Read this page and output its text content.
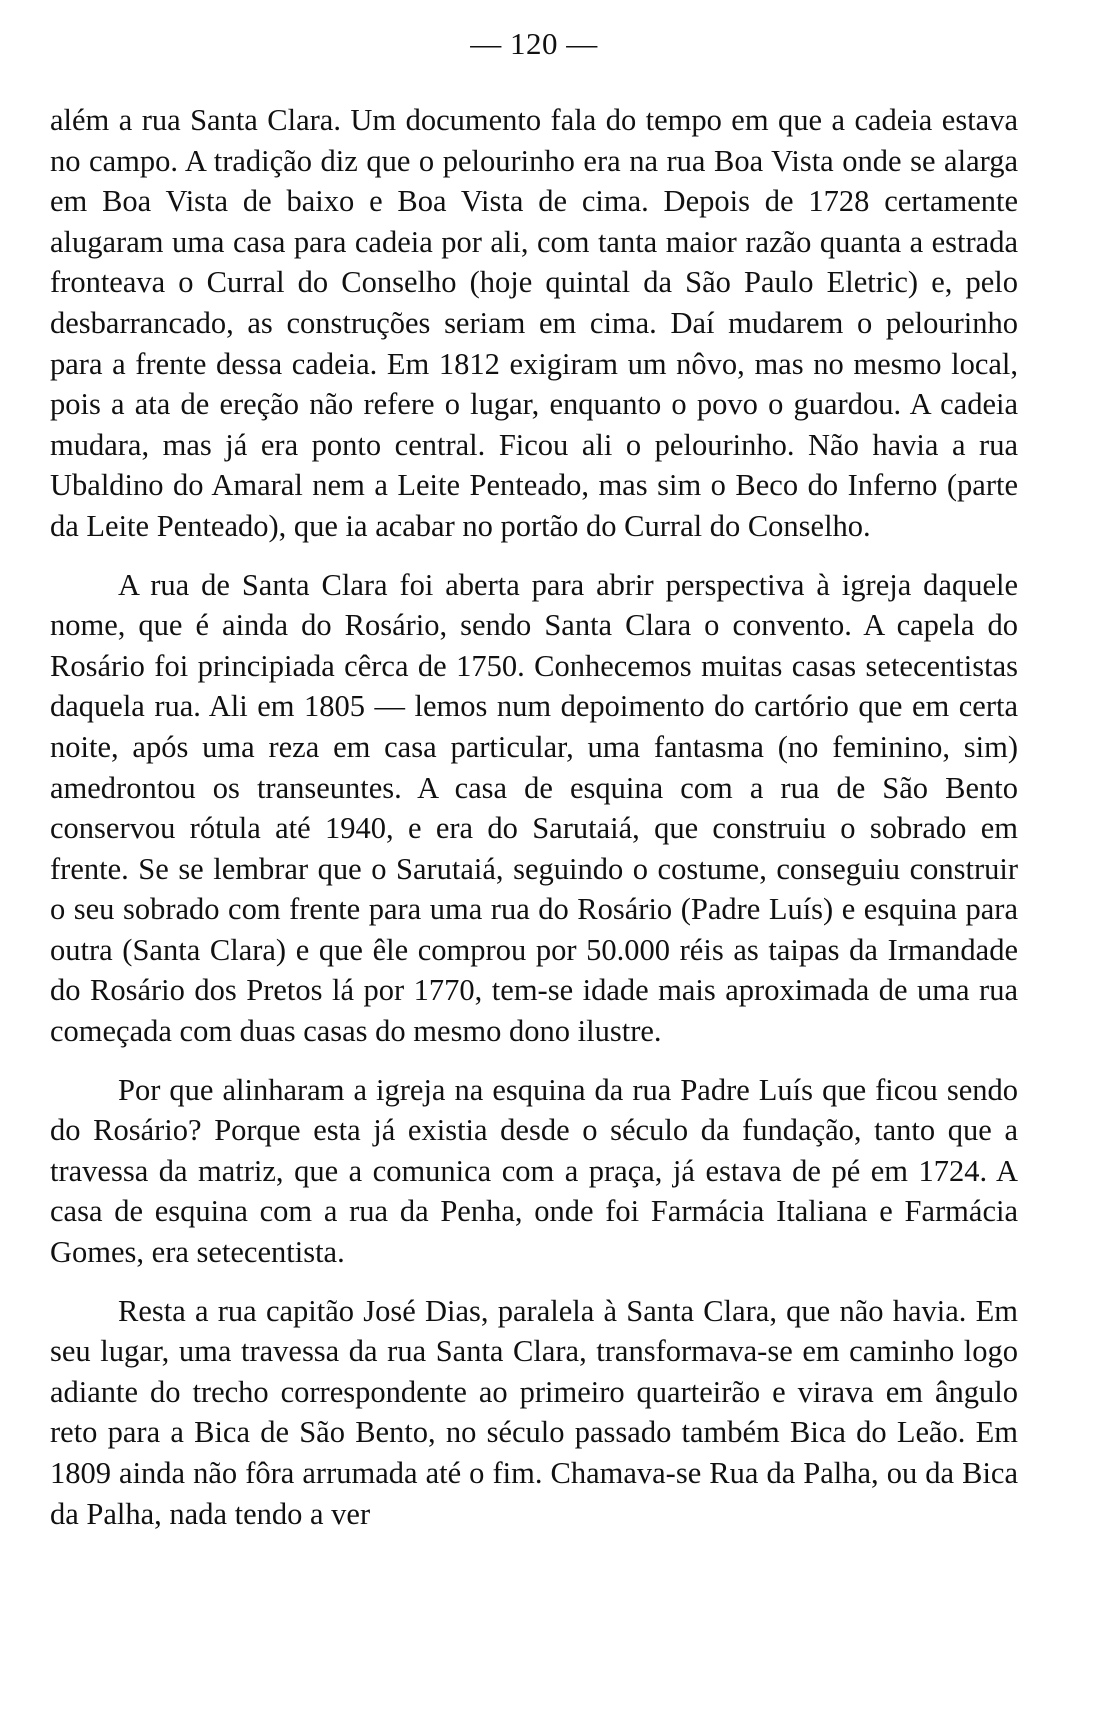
— 120 —

além a rua Santa Clara. Um documento fala do tempo em que a cadeia estava no campo. A tradição diz que o pelourinho era na rua Boa Vista onde se alarga em Boa Vista de baixo e Boa Vista de cima. Depois de 1728 certamente alugaram uma casa para cadeia por ali, com tanta maior razão quanta a estrada fronteava o Curral do Conselho (hoje quintal da São Paulo Eletric) e, pelo desbarrancado, as construções seriam em cima. Daí mudarem o pelourinho para a frente dessa cadeia. Em 1812 exigiram um nôvo, mas no mesmo local, pois a ata de ereção não refere o lugar, enquanto o povo o guardou. A cadeia mudara, mas já era ponto central. Ficou ali o pelourinho. Não havia a rua Ubaldino do Amaral nem a Leite Penteado, mas sim o Beco do Inferno (parte da Leite Penteado), que ia acabar no portão do Curral do Conselho.

A rua de Santa Clara foi aberta para abrir perspectiva à igreja daquele nome, que é ainda do Rosário, sendo Santa Clara o convento. A capela do Rosário foi principiada cêrca de 1750. Conhecemos muitas casas setecentistas daquela rua. Ali em 1805 — lemos num depoimento do cartório que em certa noite, após uma reza em casa particular, uma fantasma (no feminino, sim) amedrontou os transeuntes. A casa de esquina com a rua de São Bento conservou rótula até 1940, e era do Sarutaiá, que construiu o sobrado em frente. Se se lembrar que o Sarutaiá, seguindo o costume, conseguiu construir o seu sobrado com frente para uma rua do Rosário (Padre Luís) e esquina para outra (Santa Clara) e que êle comprou por 50.000 réis as taipas da Irmandade do Rosário dos Pretos lá por 1770, tem-se idade mais aproximada de uma rua começada com duas casas do mesmo dono ilustre.

Por que alinharam a igreja na esquina da rua Padre Luís que ficou sendo do Rosário? Porque esta já existia desde o século da fundação, tanto que a travessa da matriz, que a comunica com a praça, já estava de pé em 1724. A casa de esquina com a rua da Penha, onde foi Farmácia Italiana e Farmácia Gomes, era setecentista.

Resta a rua capitão José Dias, paralela à Santa Clara, que não havia. Em seu lugar, uma travessa da rua Santa Clara, transformava-se em caminho logo adiante do trecho correspondente ao primeiro quarteirão e virava em ângulo reto para a Bica de São Bento, no século passado também Bica do Leão. Em 1809 ainda não fôra arrumada até o fim. Chamava-se Rua da Palha, ou da Bica da Palha, nada tendo a ver
